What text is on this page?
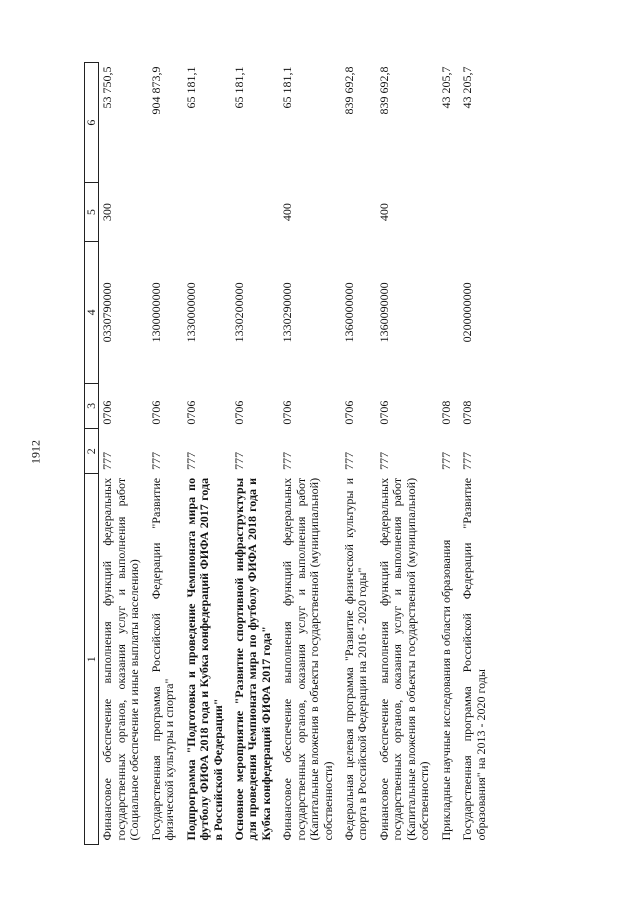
1912
1	2	3	4	5	6
Финансовое обеспечение выполнения функций федеральных государственных органов, оказания услуг и выполнения работ (Социальное обеспечение и иные выплаты населению)	777	0706	0330790000	300	53 750,5
Государственная программа Российской Федерации "Развитие физической культуры и спорта"	777	0706	1300000000		904 873,9
Подпрограмма "Подготовка и проведение Чемпионата мира по футболу ФИФА 2018 года и Кубка конфедераций ФИФА 2017 года в Российской Федерации"	777	0706	1330000000		65 181,1
Основное мероприятие "Развитие спортивной инфраструктуры для проведения Чемпионата мира по футболу ФИФА 2018 года и Кубка конфедераций ФИФА 2017 года"	777	0706	1330200000		65 181,1
Финансовое обеспечение выполнения функций федеральных государственных органов, оказания услуг и выполнения работ (Капитальные вложения в объекты государственной (муниципальной) собственности)	777	0706	1330290000	400	65 181,1
Федеральная целевая программа "Развитие физической культуры и спорта в Российской Федерации на 2016 - 2020 годы"	777	0706	1360000000		839 692,8
Финансовое обеспечение выполнения функций федеральных государственных органов, оказания услуг и выполнения работ (Капитальные вложения в объекты государственной (муниципальной) собственности)	777	0706	1360090000	400	839 692,8
Прикладные научные исследования в области образования	777	0708			43 205,7
Государственная программа Российской Федерации "Развитие образования" на 2013 - 2020 годы	777	0708	0200000000		43 205,7
